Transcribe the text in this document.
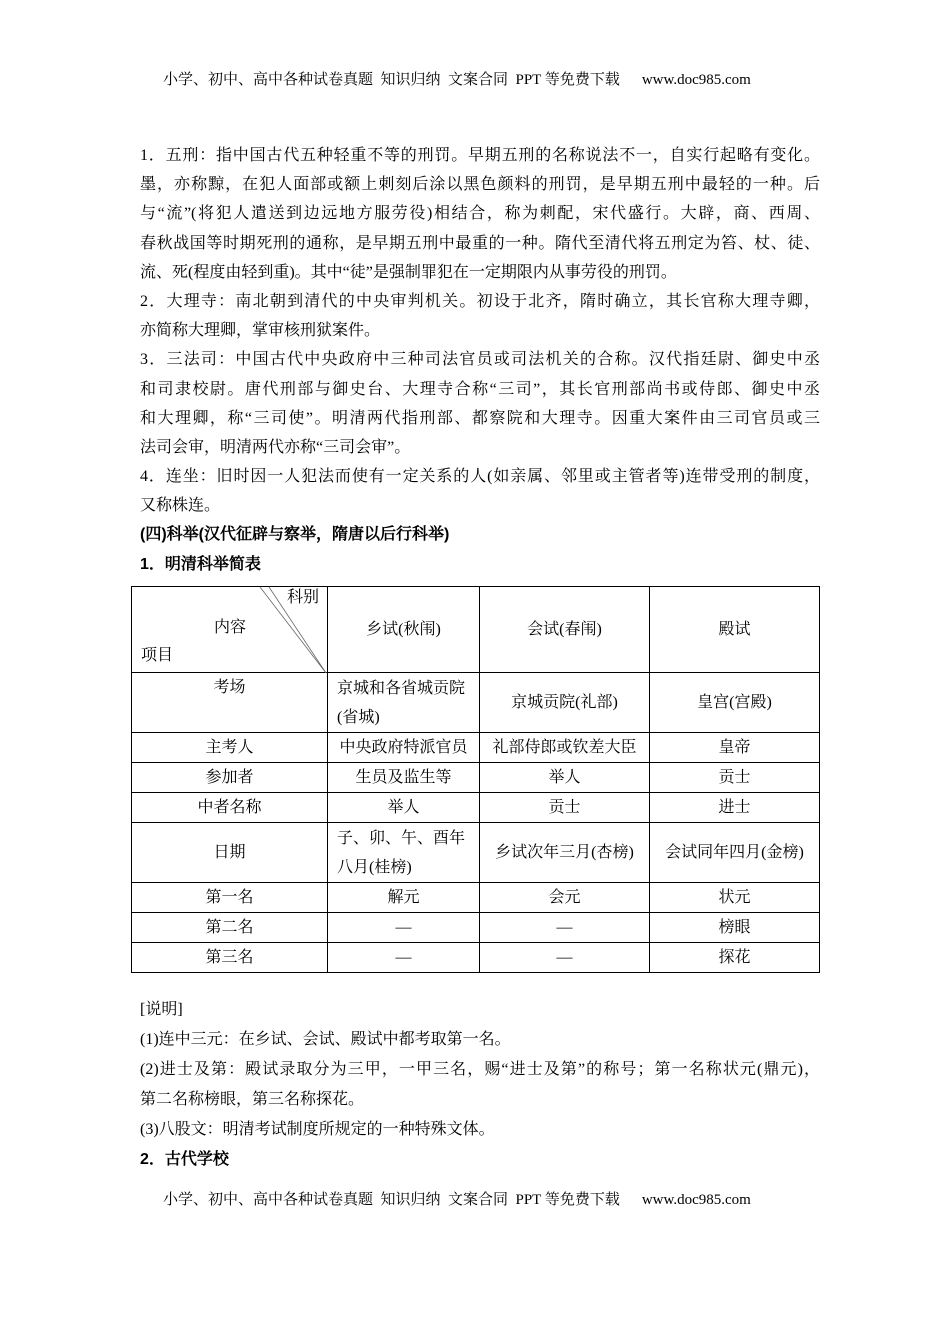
小学、初中、高中各种试卷真题  知识归纳  文案合同  PPT 等免费下载 www.doc985.com
1．五刑：指中国古代五种轻重不等的刑罚。早期五刑的名称说法不一，自实行起略有变化。
墨，亦称黥，在犯人面部或额上刺刻后涂以黑色颜料的刑罚，是早期五刑中最轻的一种。后
与“流”(将犯人遣送到边远地方服劳役)相结合，称为刺配，宋代盛行。大辟，商、西周、
春秋战国等时期死刑的通称，是早期五刑中最重的一种。隋代至清代将五刑定为笞、杖、徒、
流、死(程度由轻到重)。其中“徒”是强制罪犯在一定期限内从事劳役的刑罚。
2．大理寺：南北朝到清代的中央审判机关。初设于北齐，隋时确立，其长官称大理寺卿，
亦简称大理卿，掌审核刑狱案件。
3．三法司：中国古代中央政府中三种司法官员或司法机关的合称。汉代指廷尉、御史中丞
和司隶校尉。唐代刑部与御史台、大理寺合称“三司”，其长官刑部尚书或侍郎、御史中丞
和大理卿，称“三司使”。明清两代指刑部、都察院和大理寺。因重大案件由三司官员或三
法司会审，明清两代亦称“三司会审”。
4．连坐：旧时因一人犯法而使有一定关系的人(如亲属、邻里或主管者等)连带受刑的制度，
又称株连。
(四)科举(汉代征辟与察举，隋唐以后行科举)
1．明清科举简表
科别
内容
项目	乡试(秋闱)	会试(春闱)	殿试
考场	京城和各省城贡院(省城)	京城贡院(礼部)	皇宫(宫殿)
主考人	中央政府特派官员	礼部侍郎或钦差大臣	皇帝
参加者	生员及监生等	举人	贡士
中者名称	举人	贡士	进士
日期	子、卯、午、酉年八月(桂榜)	乡试次年三月(杏榜)	会试同年四月(金榜)
第一名	解元	会元	状元
第二名	—	—	榜眼
第三名	—	—	探花
[说明]
(1)连中三元：在乡试、会试、殿试中都考取第一名。
(2)进士及第：殿试录取分为三甲，一甲三名，赐“进士及第”的称号；第一名称状元(鼎元)，
第二名称榜眼，第三名称探花。
(3)八股文：明清考试制度所规定的一种特殊文体。
2．古代学校
小学、初中、高中各种试卷真题  知识归纳  文案合同  PPT 等免费下载 www.doc985.com
